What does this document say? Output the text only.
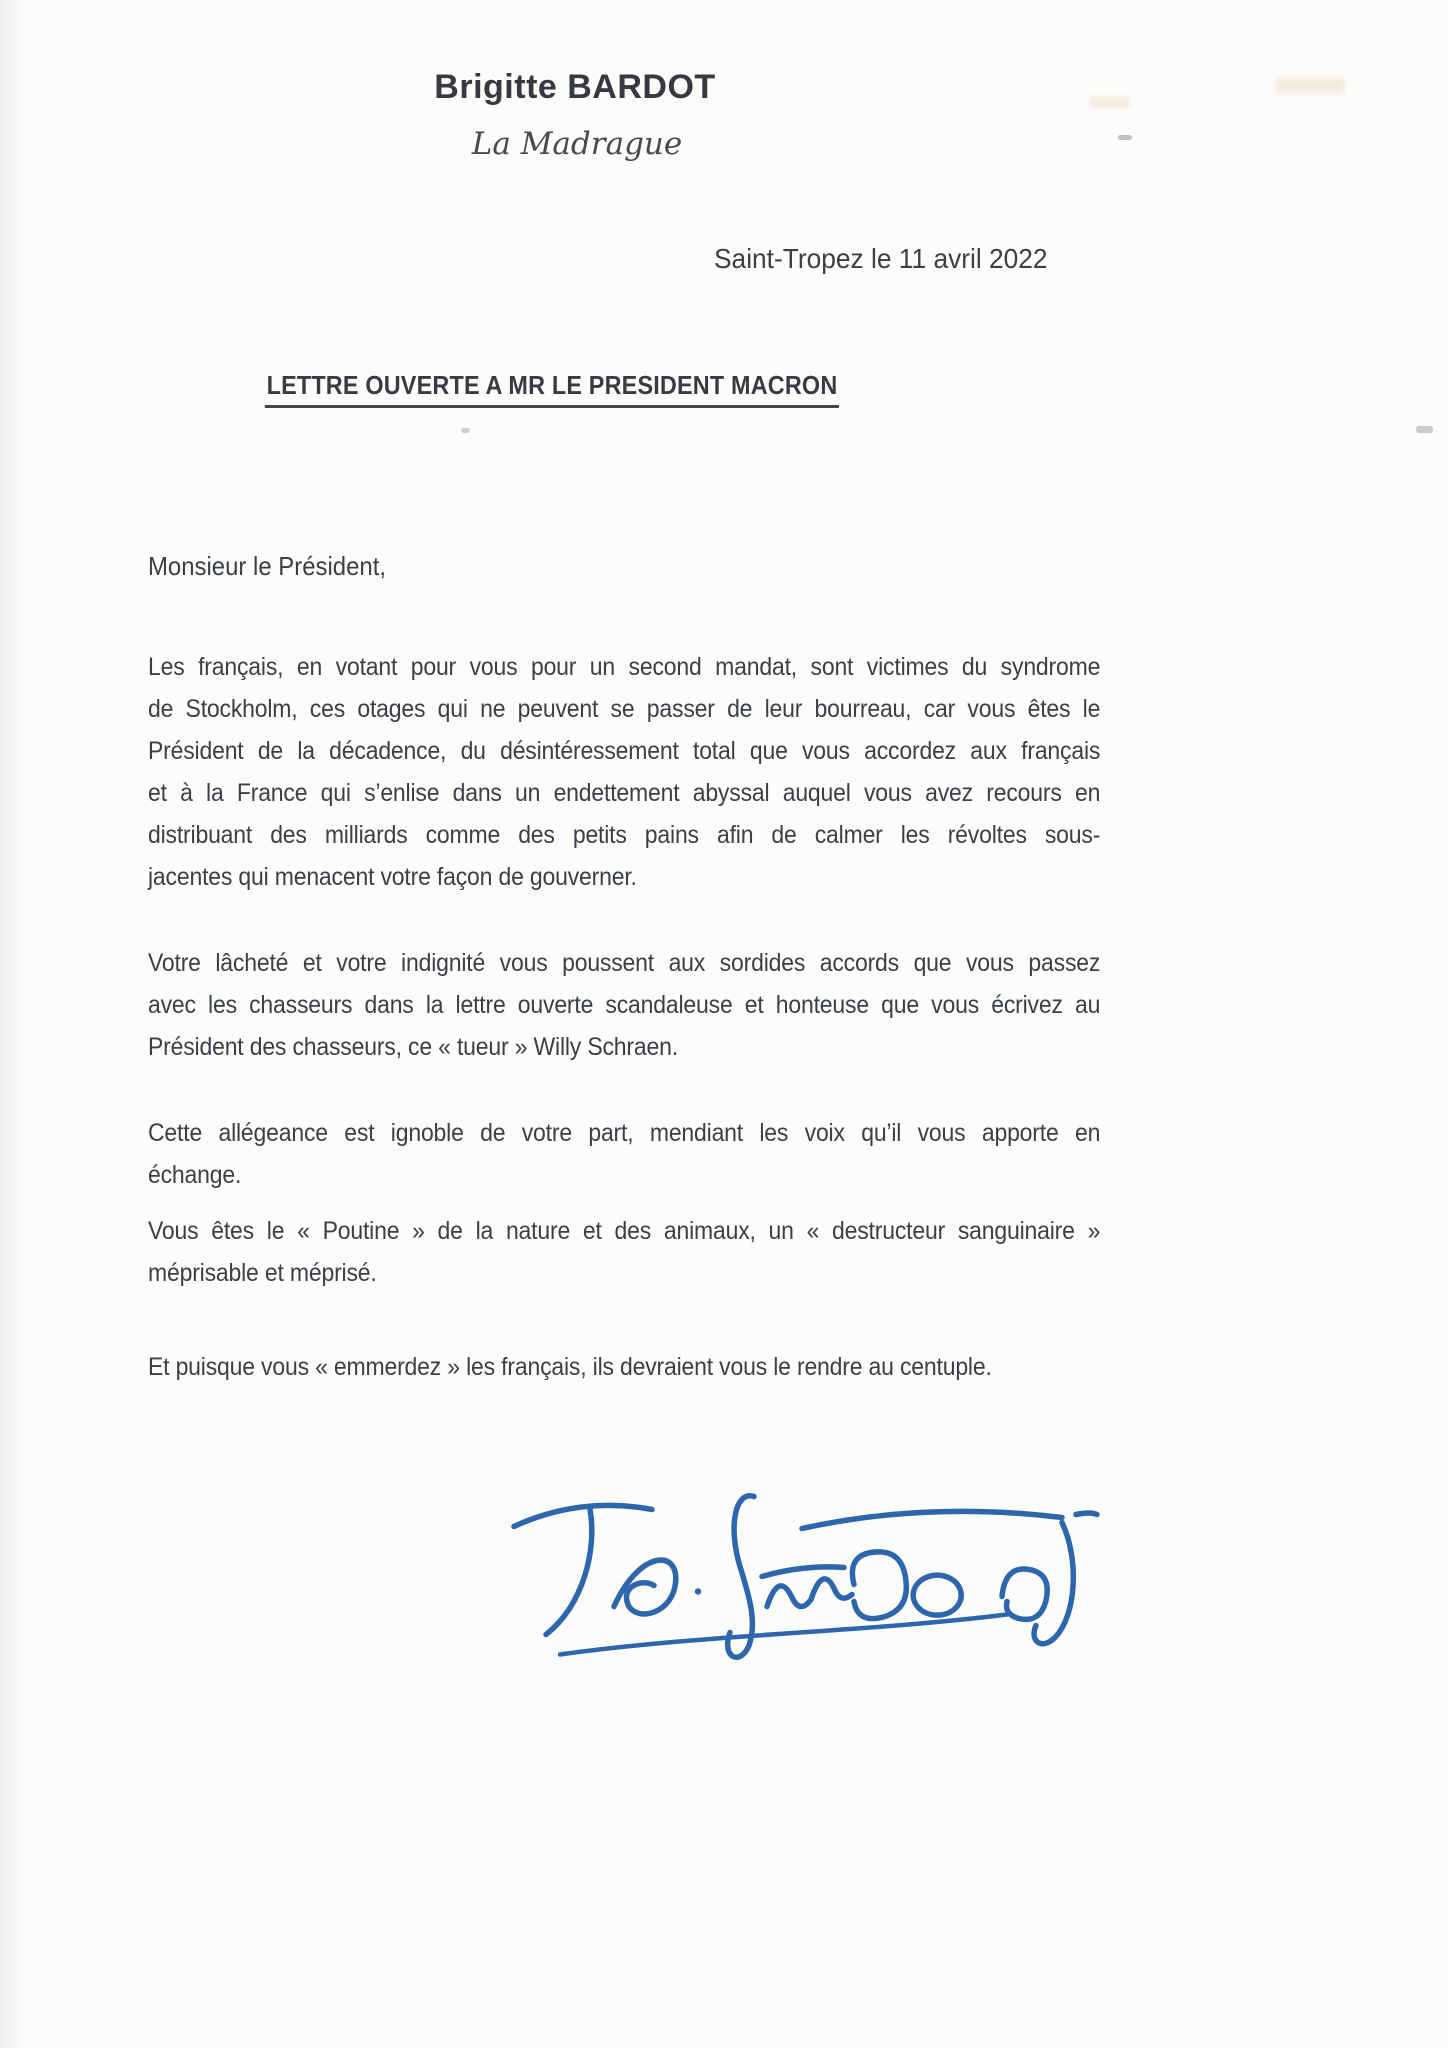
Brigitte BARDOT
La Madrague
Saint-Tropez le 11 avril 2022
LETTRE OUVERTE A MR LE PRESIDENT MACRON
Monsieur le Président,
Les français, en votant pour vous pour un second mandat, sont victimes du syndrome
de Stockholm, ces otages qui ne peuvent se passer de leur bourreau, car vous êtes le
Président de la décadence, du désintéressement total que vous accordez aux français
et à la France qui s’enlise dans un endettement abyssal auquel vous avez recours en
distribuant des milliards comme des petits pains afin de calmer les révoltes sous-
jacentes qui menacent votre façon de gouverner.
Votre lâcheté et votre indignité vous poussent aux sordides accords que vous passez
avec les chasseurs dans la lettre ouverte scandaleuse et honteuse que vous écrivez au
Président des chasseurs, ce « tueur » Willy Schraen.
Cette allégeance est ignoble de votre part, mendiant les voix qu’il vous apporte en
échange.
Vous êtes le « Poutine » de la nature et des animaux, un « destructeur sanguinaire »
méprisable et méprisé.
Et puisque vous « emmerdez » les français, ils devraient vous le rendre au centuple.
